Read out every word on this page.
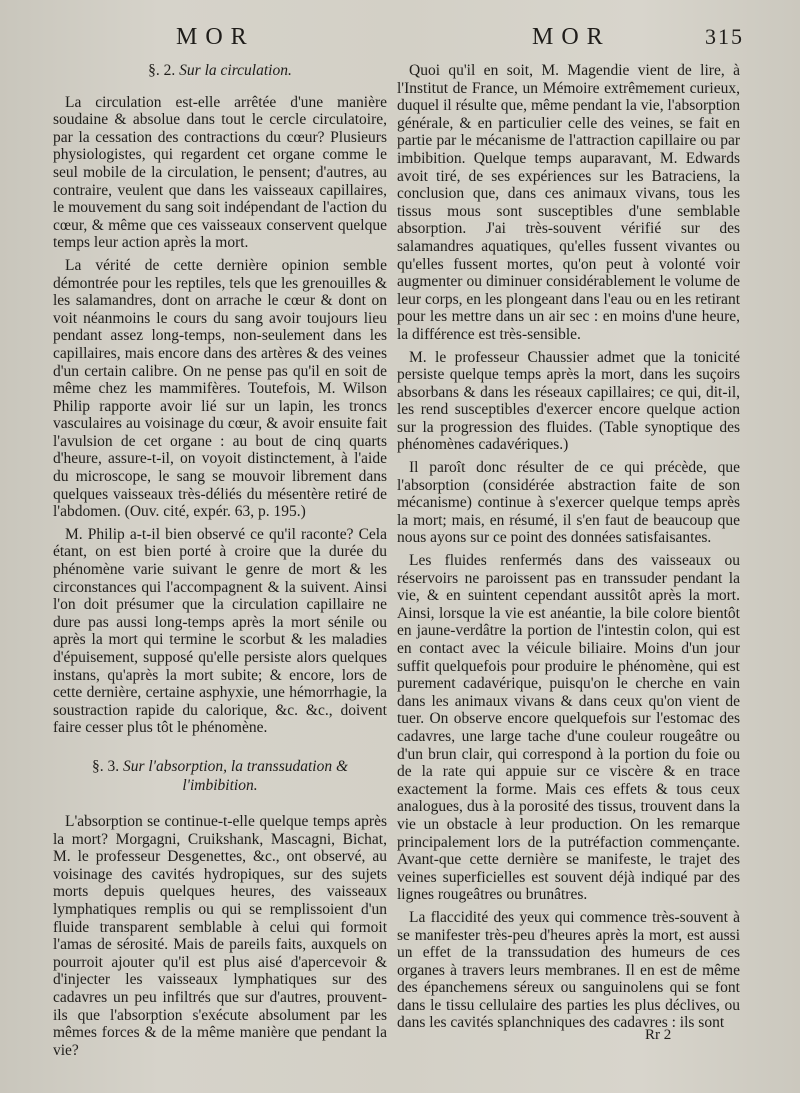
MOR	MOR	315
§. 2. Sur la circulation.

La circulation est-elle arrêtée d'une manière soudaine & absolue dans tout le cercle circulatoire, par la cessation des contractions du cœur? Plusieurs physiologistes, qui regardent cet organe comme le seul mobile de la circulation, le pensent; d'autres, au contraire, veulent que dans les vaisseaux capillaires, le mouvement du sang soit indépendant de l'action du cœur, & même que ces vaisseaux conservent quelque temps leur action après la mort.

La vérité de cette dernière opinion semble démontrée pour les reptiles, tels que les grenouilles & les salamandres, dont on arrache le cœur & dont on voit néanmoins le cours du sang avoir toujours lieu pendant assez long-temps, non-seulement dans les capillaires, mais encore dans des artères & des veines d'un certain calibre. On ne pense pas qu'il en soit de même chez les mammifères. Toutefois, M. Wilson Philip rapporte avoir lié sur un lapin, les troncs vasculaires au voisinage du cœur, & avoir ensuite fait l'avulsion de cet organe : au bout de cinq quarts d'heure, assure-t-il, on voyoit distinctement, à l'aide du microscope, le sang se mouvoir librement dans quelques vaisseaux très-déliés du mésentère retiré de l'abdomen. (Ouv. cité, expér. 63, p. 195.)

M. Philip a-t-il bien observé ce qu'il raconte? Cela étant, on est bien porté à croire que la durée du phénomène varie suivant le genre de mort & les circonstances qui l'accompagnent & la suivent. Ainsi l'on doit présumer que la circulation capillaire ne dure pas aussi long-temps après la mort sénile ou après la mort qui termine le scorbut & les maladies d'épuisement, supposé qu'elle persiste alors quelques instans, qu'après la mort subite; & encore, lors de cette dernière, certaine asphyxie, une hémorrhagie, la soustraction rapide du calorique, &c. &c., doivent faire cesser plus tôt le phénomène.

§. 3. Sur l'absorption, la transsudation & l'imbibition.

L'absorption se continue-t-elle quelque temps après la mort? Morgagni, Cruikshank, Mascagni, Bichat, M. le professeur Desgenettes, &c., ont observé, au voisinage des cavités hydropiques, sur des sujets morts depuis quelques heures, des vaisseaux lymphatiques remplis ou qui se remplissoient d'un fluide transparent semblable à celui qui formoit l'amas de sérosité. Mais de pareils faits, auxquels on pourroit ajouter qu'il est plus aisé d'apercevoir & d'injecter les vaisseaux lymphatiques sur des cadavres un peu infiltrés que sur d'autres, prouvent-ils que l'absorption s'exécute absolument par les mêmes forces & de la même manière que pendant la vie?

Quoi qu'il en soit, M. Magendie vient de lire, à l'Institut de France, un Mémoire extrêmement curieux, duquel il résulte que, même pendant la vie, l'absorption générale, & en particulier celle des veines, se fait en partie par le mécanisme de l'attraction capillaire ou par imbibition. Quelque temps auparavant, M. Edwards avoit tiré, de ses expériences sur les Batraciens, la conclusion que, dans ces animaux vivans, tous les tissus mous sont susceptibles d'une semblable absorption. J'ai très-souvent vérifié sur des salamandres aquatiques, qu'elles fussent vivantes ou qu'elles fussent mortes, qu'on peut à volonté voir augmenter ou diminuer considérablement le volume de leur corps, en les plongeant dans l'eau ou en les retirant pour les mettre dans un air sec : en moins d'une heure, la différence est très-sensible.

M. le professeur Chaussier admet que la tonicité persiste quelque temps après la mort, dans les suçoirs absorbans & dans les réseaux capillaires; ce qui, dit-il, les rend susceptibles d'exercer encore quelque action sur la progression des fluides. (Table synoptique des phénomènes cadavériques.)

Il paroît donc résulter de ce qui précède, que l'absorption (considérée abstraction faite de son mécanisme) continue à s'exercer quelque temps après la mort; mais, en résumé, il s'en faut de beaucoup que nous ayons sur ce point des données satisfaisantes.

Les fluides renfermés dans des vaisseaux ou réservoirs ne paroissent pas en transsuder pendant la vie, & en suintent cependant aussitôt après la mort. Ainsi, lorsque la vie est anéantie, la bile colore bientôt en jaune-verdâtre la portion de l'intestin colon, qui est en contact avec la véicule biliaire. Moins d'un jour suffit quelquefois pour produire le phénomène, qui est purement cadavérique, puisqu'on le cherche en vain dans les animaux vivans & dans ceux qu'on vient de tuer. On observe encore quelquefois sur l'estomac des cadavres, une large tache d'une couleur rougeâtre ou d'un brun clair, qui correspond à la portion du foie ou de la rate qui appuie sur ce viscère & en trace exactement la forme. Mais ces effets & tous ceux analogues, dus à la porosité des tissus, trouvent dans la vie un obstacle à leur production. On les remarque principalement lors de la putréfaction commençante. Avant-que cette dernière se manifeste, le trajet des veines superficielles est souvent déjà indiqué par des lignes rougeâtres ou brunâtres.

La flaccidité des yeux qui commence très-souvent à se manifester très-peu d'heures après la mort, est aussi un effet de la transsudation des humeurs de ces organes à travers leurs membranes. Il en est de même des épanchemens séreux ou sanguinolens qui se font dans le tissu cellulaire des parties les plus déclives, ou dans les cavités splanchniques des cadavres : ils sont

Rr 2
